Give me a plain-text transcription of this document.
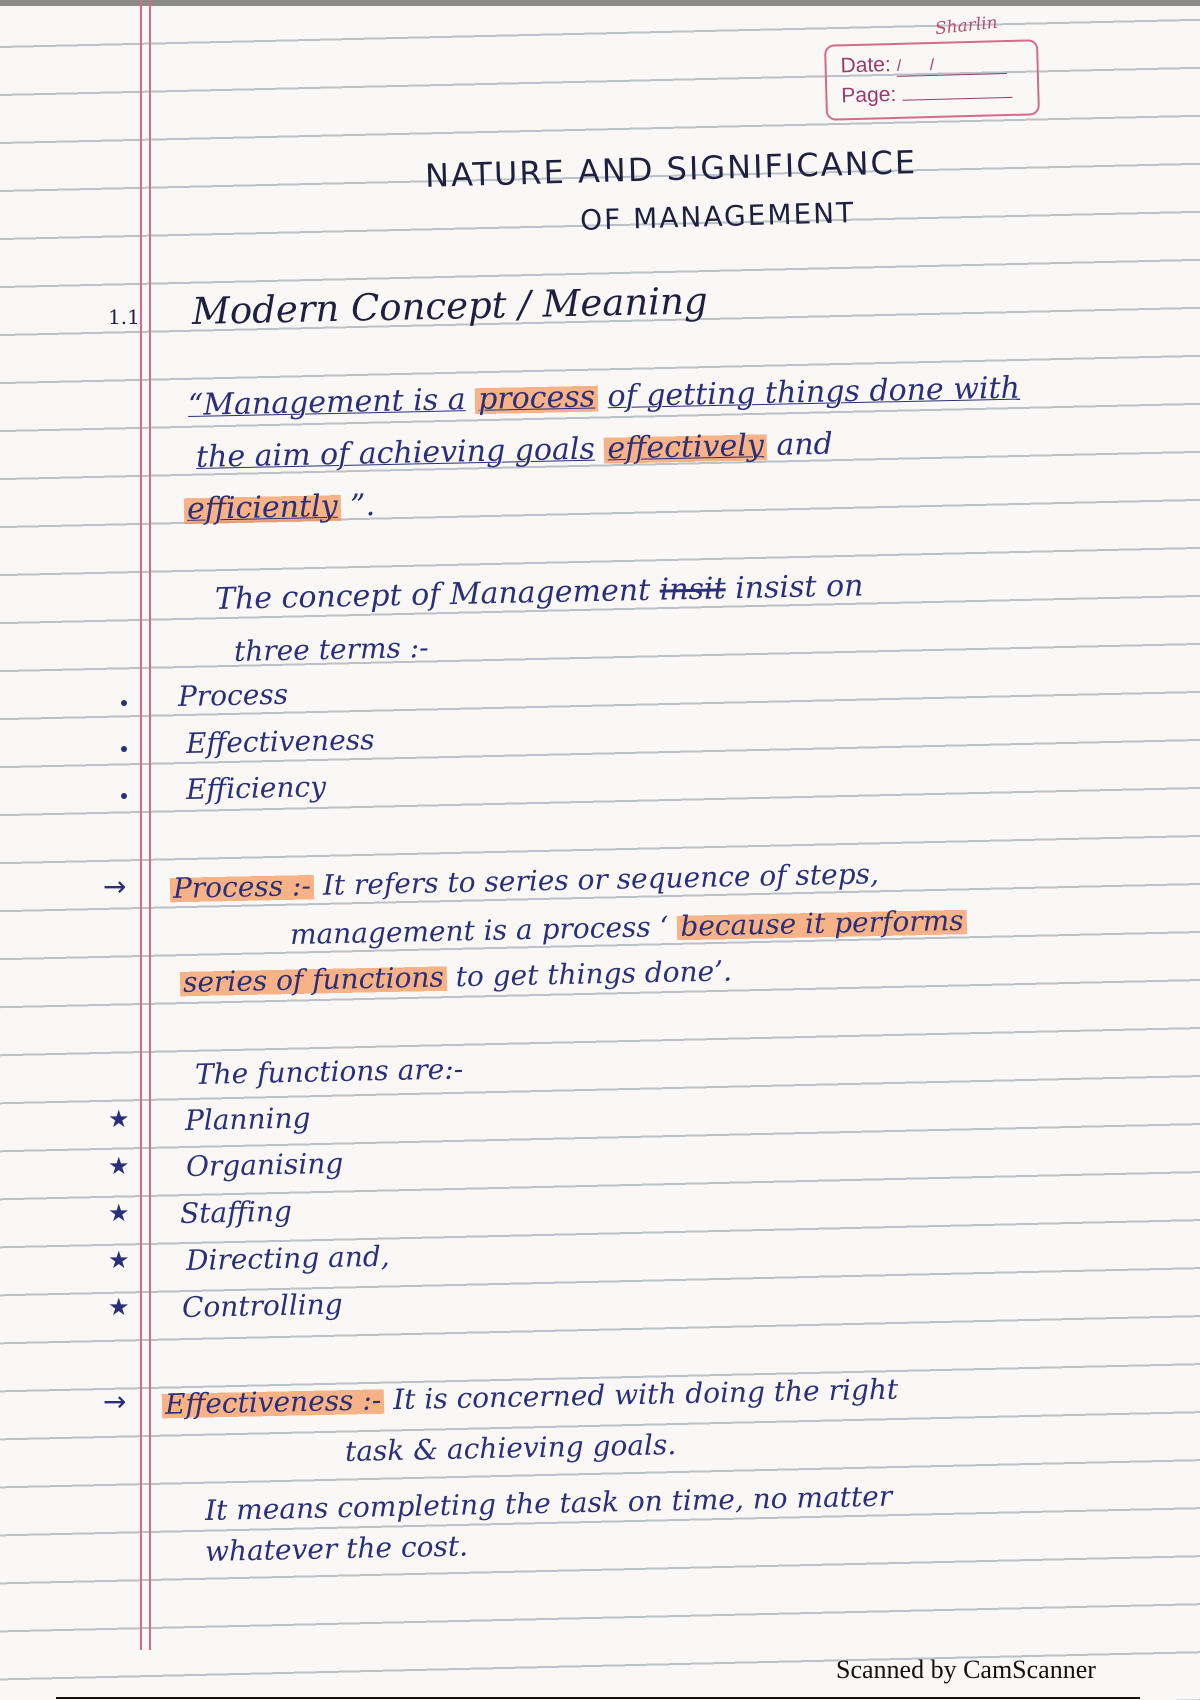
Sharlin
Date: / /
Page:
NATURE AND SIGNIFICANCE
OF MANAGEMENT
1.1 Modern Concept / Meaning
“Management is a process of getting things done with
the aim of achieving goals effectively and
efficiently ”.
The concept of Management insit insist on
three terms :-
Process
Effectiveness
Efficiency
→ Process :- It refers to series or sequence of steps,
management is a process ‘ because it performs
series of functions to get things done’.
The functions are:-
★ Planning
★ Organising
★ Staffing
★ Directing and,
★ Controlling
→ Effectiveness :- It is concerned with doing the right
task & achieving goals.
It means completing the task on time, no matter
whatever the cost.
Scanned by CamScanner
